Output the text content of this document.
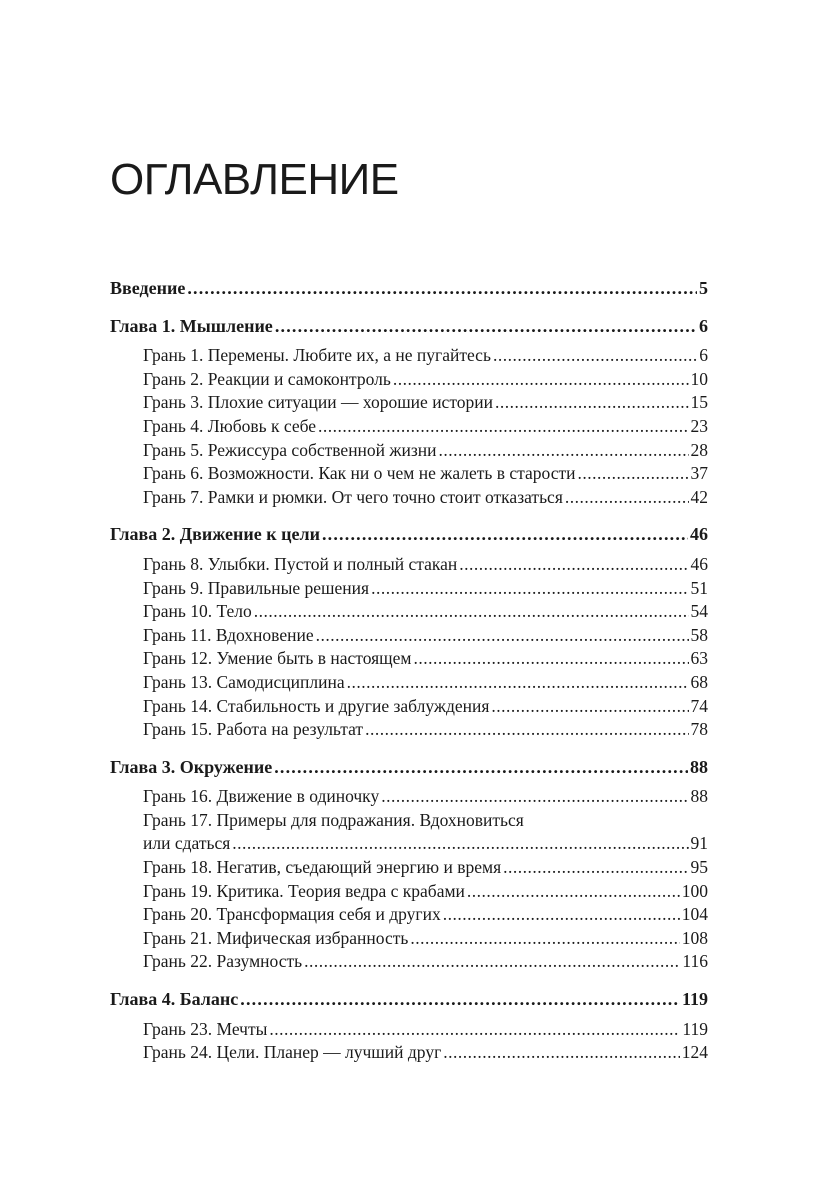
ОГЛАВЛЕНИЕ
Введение .....	5
Глава 1. Мышление .....	6
Грань 1. Перемены. Любите их, а не пугайтесь .....	6
Грань 2. Реакции и самоконтроль .....	10
Грань 3. Плохие ситуации — хорошие истории .....	15
Грань 4. Любовь к себе .....	23
Грань 5. Режиссура собственной жизни .....	28
Грань 6. Возможности. Как ни о чем не жалеть в старости .....	37
Грань 7. Рамки и рюмки. От чего точно стоит отказаться .....	42
Глава 2. Движение к цели .....	46
Грань 8. Улыбки. Пустой и полный стакан .....	46
Грань 9. Правильные решения .....	51
Грань 10. Тело .....	54
Грань 11. Вдохновение .....	58
Грань 12. Умение быть в настоящем .....	63
Грань 13. Самодисциплина .....	68
Грань 14. Стабильность и другие заблуждения .....	74
Грань 15. Работа на результат .....	78
Глава 3. Окружение .....	88
Грань 16. Движение в одиночку .....	88
Грань 17. Примеры для подражания. Вдохновиться
или сдаться .....	91
Грань 18. Негатив, съедающий энергию и время .....	95
Грань 19. Критика. Теория ведра с крабами .....	100
Грань 20. Трансформация себя и других .....	104
Грань 21. Мифическая избранность .....	108
Грань 22. Разумность .....	116
Глава 4. Баланс .....	119
Грань 23. Мечты .....	119
Грань 24. Цели. Планер — лучший друг .....	124
